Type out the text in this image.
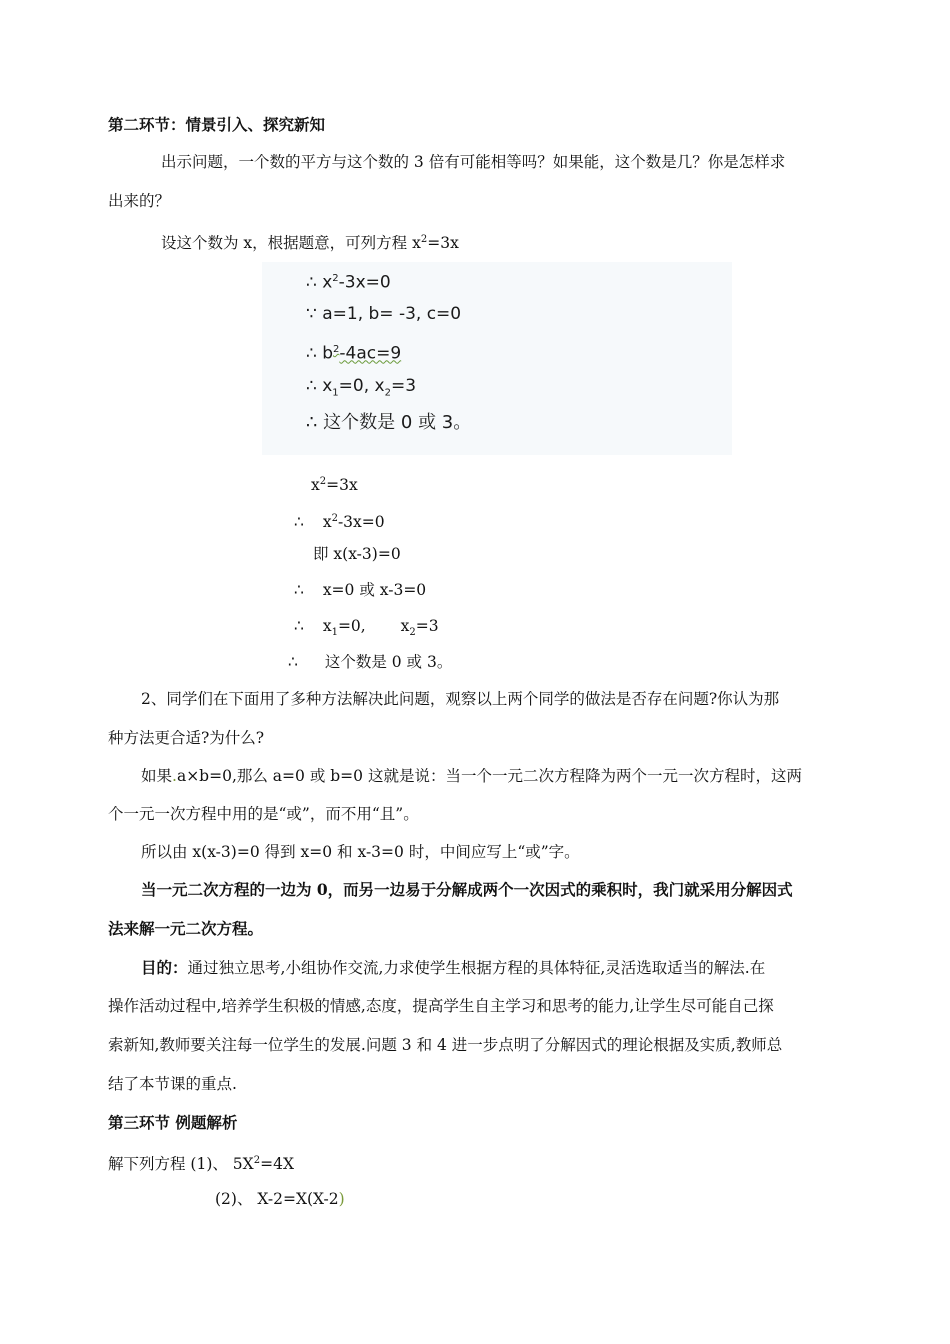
第二环节：情景引入、探究新知
出示问题，一个数的平方与这个数的 3 倍有可能相等吗？如果能，这个数是几？你是怎样求
出来的？
设这个数为 x，根据题意，可列方程 $x^2=3x$
∴ $x^2-3x=0$
∵ a=1, b= -3, c=0
∴ $b^2-4ac=9$
∴ $x_1=0$, $x_2=3$
∴ 这个数是 0 或 3。
$x^2=3x$
∴ $x^2-3x=0$
即 x(x-3)=0
∴ x=0 或 x-3=0
∴ $x_1=0$, $x_2=3$
∴ 这个数是 0 或 3。
2、同学们在下面用了多种方法解决此问题，观察以上两个同学的做法是否存在问题?你认为那
种方法更合适?为什么?
如果.a×b=0,那么 a=0 或 b=0 这就是说：当一个一元二次方程降为两个一元一次方程时，这两
个一元一次方程中用的是“或”，而不用“且”。
所以由 x(x-3)=0 得到 x=0 和 x-3=0 时，中间应写上“或”字。
当一元二次方程的一边为 0，而另一边易于分解成两个一次因式的乘积时，我门就采用分解因式
法来解一元二次方程。
目的：通过独立思考,小组协作交流,力求使学生根据方程的具体特征,灵活选取适当的解法.在
操作活动过程中,培养学生积极的情感,态度，提高学生自主学习和思考的能力,让学生尽可能自己探
索新知,教师要关注每一位学生的发展.问题 3 和 4 进一步点明了分解因式的理论根据及实质,教师总
结了本节课的重点.
第三环节 例题解析
解下列方程 (1)、 $5X^2=4X$
(2)、 X-2=X(X-2)
